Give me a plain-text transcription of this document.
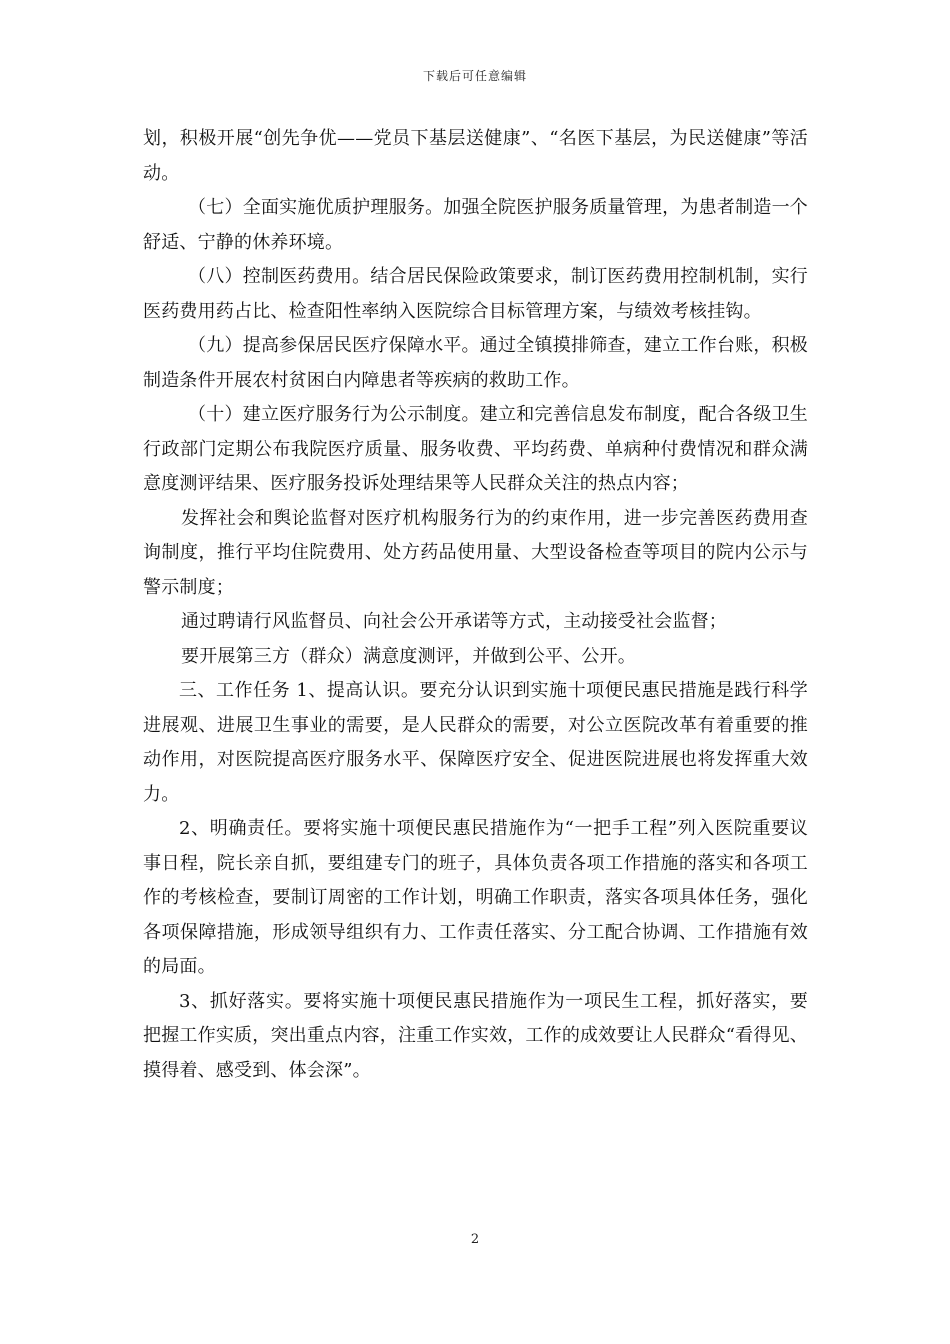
下载后可任意编辑

划，积极开展“创先争优——党员下基层送健康”、“名医下基层，为民送健康”等活动。

（七）全面实施优质护理服务。加强全院医护服务质量管理，为患者制造一个舒适、宁静的休养环境。

（八）控制医药费用。结合居民保险政策要求，制订医药费用控制机制，实行医药费用药占比、检查阳性率纳入医院综合目标管理方案，与绩效考核挂钩。

（九）提高参保居民医疗保障水平。通过全镇摸排筛查，建立工作台账，积极制造条件开展农村贫困白内障患者等疾病的救助工作。

（十）建立医疗服务行为公示制度。建立和完善信息发布制度，配合各级卫生行政部门定期公布我院医疗质量、服务收费、平均药费、单病种付费情况和群众满意度测评结果、医疗服务投诉处理结果等人民群众关注的热点内容；

发挥社会和舆论监督对医疗机构服务行为的约束作用，进一步完善医药费用查询制度，推行平均住院费用、处方药品使用量、大型设备检查等项目的院内公示与警示制度；

通过聘请行风监督员、向社会公开承诺等方式，主动接受社会监督；

要开展第三方（群众）满意度测评，并做到公平、公开。

三、工作任务 1、提高认识。要充分认识到实施十项便民惠民措施是践行科学进展观、进展卫生事业的需要，是人民群众的需要，对公立医院改革有着重要的推动作用，对医院提高医疗服务水平、保障医疗安全、促进医院进展也将发挥重大效力。

2、明确责任。要将实施十项便民惠民措施作为“一把手工程”列入医院重要议事日程，院长亲自抓，要组建专门的班子，具体负责各项工作措施的落实和各项工作的考核检查，要制订周密的工作计划，明确工作职责，落实各项具体任务，强化各项保障措施，形成领导组织有力、工作责任落实、分工配合协调、工作措施有效的局面。

3、抓好落实。要将实施十项便民惠民措施作为一项民生工程，抓好落实，要把握工作实质，突出重点内容，注重工作实效，工作的成效要让人民群众“看得见、摸得着、感受到、体会深”。

2
